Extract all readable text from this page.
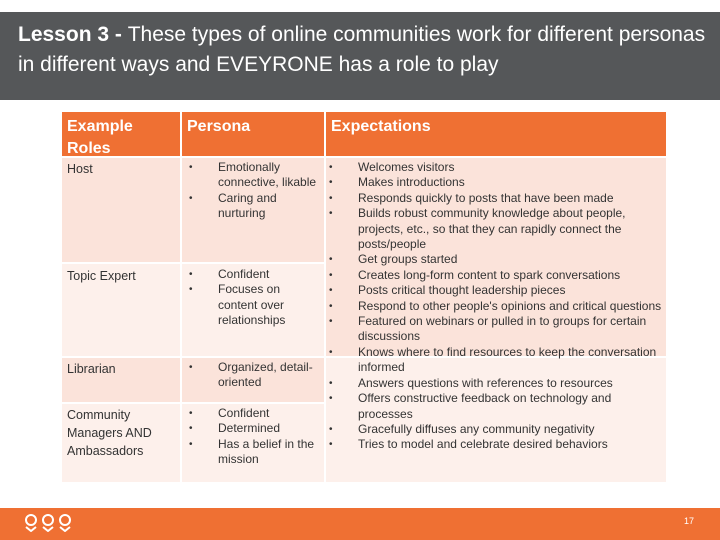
Lesson 3 - These types of online communities work for different personas in different ways and EVEYRONE has a role to play
Example Roles
Persona	Expectations
Host
Topic Expert
Librarian
Community Managers AND Ambassadors
• Emotionally connective, likable
• Caring and nurturing
• Confident
• Focuses on content over relationships
• Organized, detail-oriented
• Confident
• Determined
• Has a belief in the mission
• Welcomes visitors
• Makes introductions
• Responds quickly to posts that have been made
• Builds robust community knowledge about people, projects, etc., so that they can rapidly connect the posts/people
• Get groups started
• Creates long-form content to spark conversations
• Posts critical thought leadership pieces
• Respond to other people's opinions and critical questions
• Featured on webinars or pulled in to groups for certain discussions
• Knows where to find resources to keep the conversation informed
• Answers questions with references to resources
• Offers constructive feedback on technology and processes
• Gracefully diffuses any community negativity
• Tries to model and celebrate desired behaviors
17
